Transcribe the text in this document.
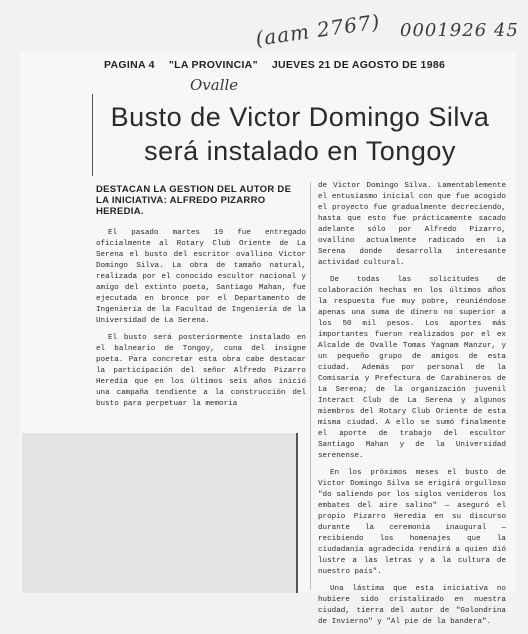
(aam 2767) 0001926 45
PAGINA 4 "LA PROVINCIA" JUEVES 21 DE AGOSTO DE 1986
Ovalle
Busto de Victor Domingo Silva
será instalado en Tongoy
DESTACAN LA GESTION DEL AUTOR DE LA INICIATIVA: ALFREDO PIZARRO HEREDIA.

El pasado martes 19 fue entregado oficialmente al Rotary Club Oriente de La Serena el busto del escritor ovallino Victor Domingo Silva. La obra de tamaño natural, realizada por el conocido escultor nacional y amigo del extinto poeta, Santiago Mahan, fue ejecutada en bronce por el Departamento de Ingeniería de la Facultad de Ingeniería de la Universidad de La Serena.

El busto será posteriormente instalado en el balneario de Tongoy, cuna del insigne poeta. Para concretar esta obra cabe destacar la participación del señor Alfredo Pizarro Heredia que en los últimos seis años inició una campaña tendiente a la construcción del busto para perpetuar la memoria

de Victor Domingo Silva. Lamentablemente el entusiasmo inicial con que fue acogido el proyecto fue gradualmente decreciendo, hasta que esto fue prácticamente sacado adelante sólo por Alfredo Pizarro, ovallino actualmente radicado en La Serena donde desarrolla interesante actividad cultural.

De todas las solicitudes de colaboración hechas en los últimos años la respuesta fue muy pobre, reuniéndose apenas una suma de dinero no superior a los 50 mil pesos. Los aportes más importantes fueron realizados por el ex Alcalde de Ovalle Tomas Yagnam Manzur, y un pequeño grupo de amigos de esta ciudad. Además por personal de la Comisaría y Prefectura de Carabineros de La Serena; de la organización juvenil Interact Club de La Serena y algunos miembros del Rotary Club Oriente de esta misma ciudad. A ello se sumó finalmente el aporte de trabajo del escultor Santiago Mahan y de la Universidad serenense.

En los próximos meses el busto de Victor Domingo Silva se erigirá orgulloso "do saliendo por los siglos venideros los embates del aire salino" — aseguró el propio Pizarro Heredia en su discurso durante la ceremonia inaugural —recibiendo los homenajes que la ciudadanía agradecida rendirá a quien dió lustre a las letras y a la cultura de nuestro país".

Una lástima que esta iniciativa no hubiere sido cristalizado en nuestra ciudad, tierra del autor de "Golondrina de Invierno" y "Al pie de la bandera".
